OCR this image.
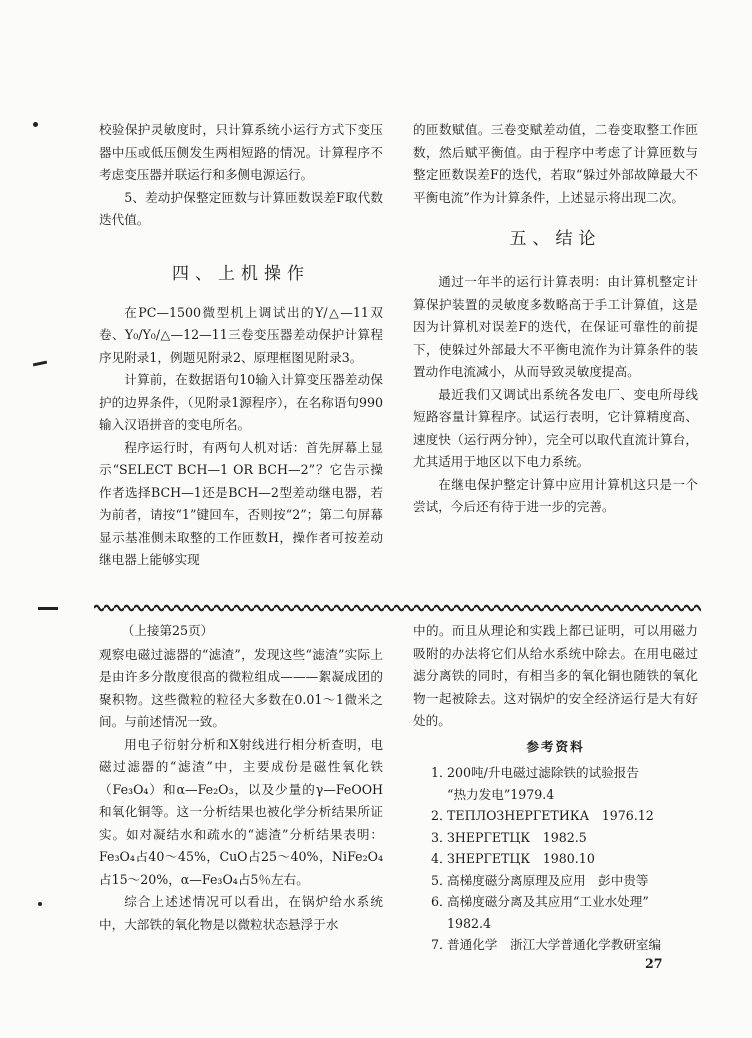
校验保护灵敏度时，只计算系统小运行方式下变压器中压或低压侧发生两相短路的情况。计算程序不考虑变压器并联运行和多侧电源运行。

5、差动护保整定匝数与计算匝数误差F取代数迭代值。

四、上机操作

在PC—1500微型机上调试出的Y/△—11双卷、Y₀/Y₀/△—12—11三卷变压器差动保护计算程序见附录1，例题见附录2、原理框图见附录3。

计算前，在数据语句10输入计算变压器差动保护的边界条件，（见附录1源程序），在名称语句990输入汉语拼音的变电所名。

程序运行时，有两句人机对话：首先屏幕上显示“SELECT BCH—1 OR BCH—2”？它告示操作者选择BCH—1还是BCH—2型差动继电器，若为前者，请按“1”键回车，否则按“2”；第二句屏幕显示基准侧未取整的工作匝数H，操作者可按差动继电器上能够实现

的匝数赋值。三卷变赋差动值，二卷变取整工作匝数，然后赋平衡值。由于程序中考虑了计算匝数与整定匝数误差F的迭代，若取“躲过外部故障最大不平衡电流”作为计算条件，上述显示将出现二次。

五、结论

通过一年半的运行计算表明：由计算机整定计算保护装置的灵敏度多数略高于手工计算值，这是因为计算机对误差F的迭代，在保证可靠性的前提下，使躲过外部最大不平衡电流作为计算条件的装置动作电流减小，从而导致灵敏度提高。

最近我们又调试出系统各发电厂、变电所母线短路容量计算程序。试运行表明，它计算精度高、速度快（运行两分钟），完全可以取代直流计算台，尤其适用于地区以下电力系统。

在继电保护整定计算中应用计算机这只是一个尝试，今后还有待于进一步的完善。

（上接第25页）

观察电磁过滤器的“滤渣”，发现这些“滤渣”实际上是由许多分散度很高的微粒组成———絮凝成团的聚积物。这些微粒的粒径大多数在0.01～1微米之间。与前述情况一致。

用电子衍射分析和X射线进行相分析查明，电磁过滤器的“滤渣”中，主要成份是磁性氧化铁（Fe₃O₄）和α—Fe₂O₃，以及少量的γ—FeOOH和氧化铜等。这一分析结果也被化学分析结果所证实。如对凝结水和疏水的“滤渣”分析结果表明：Fe₃O₄占40～45%，CuO占25～40%，NiFe₂O₄占15～20%，α—Fe₃O₄占5％左右。

综合上述述情况可以看出，在锅炉给水系统中，大部铁的氧化物是以微粒状态悬浮于水

中的。而且从理论和实践上都已证明，可以用磁力吸附的办法将它们从给水系统中除去。在用电磁过滤分离铁的同时，有相当多的氧化铜也随铁的氧化物一起被除去。这对锅炉的安全经济运行是大有好处的。

参考资料
1．200吨/升电磁过滤除铁的试验报告
“热力发电”1979.4
2．ТЕПЛОЗНЕРГЕТИКА　1976.12
3．ЗНЕРГЕТЦК　1982.5
4．ЗНЕРГЕТЦК　1980.10
5．高梯度磁分离原理及应用　彭中贵等
6．高梯度磁分离及其应用“工业水处理”
1982.4
7．普通化学　浙江大学普通化学教研室编
27
